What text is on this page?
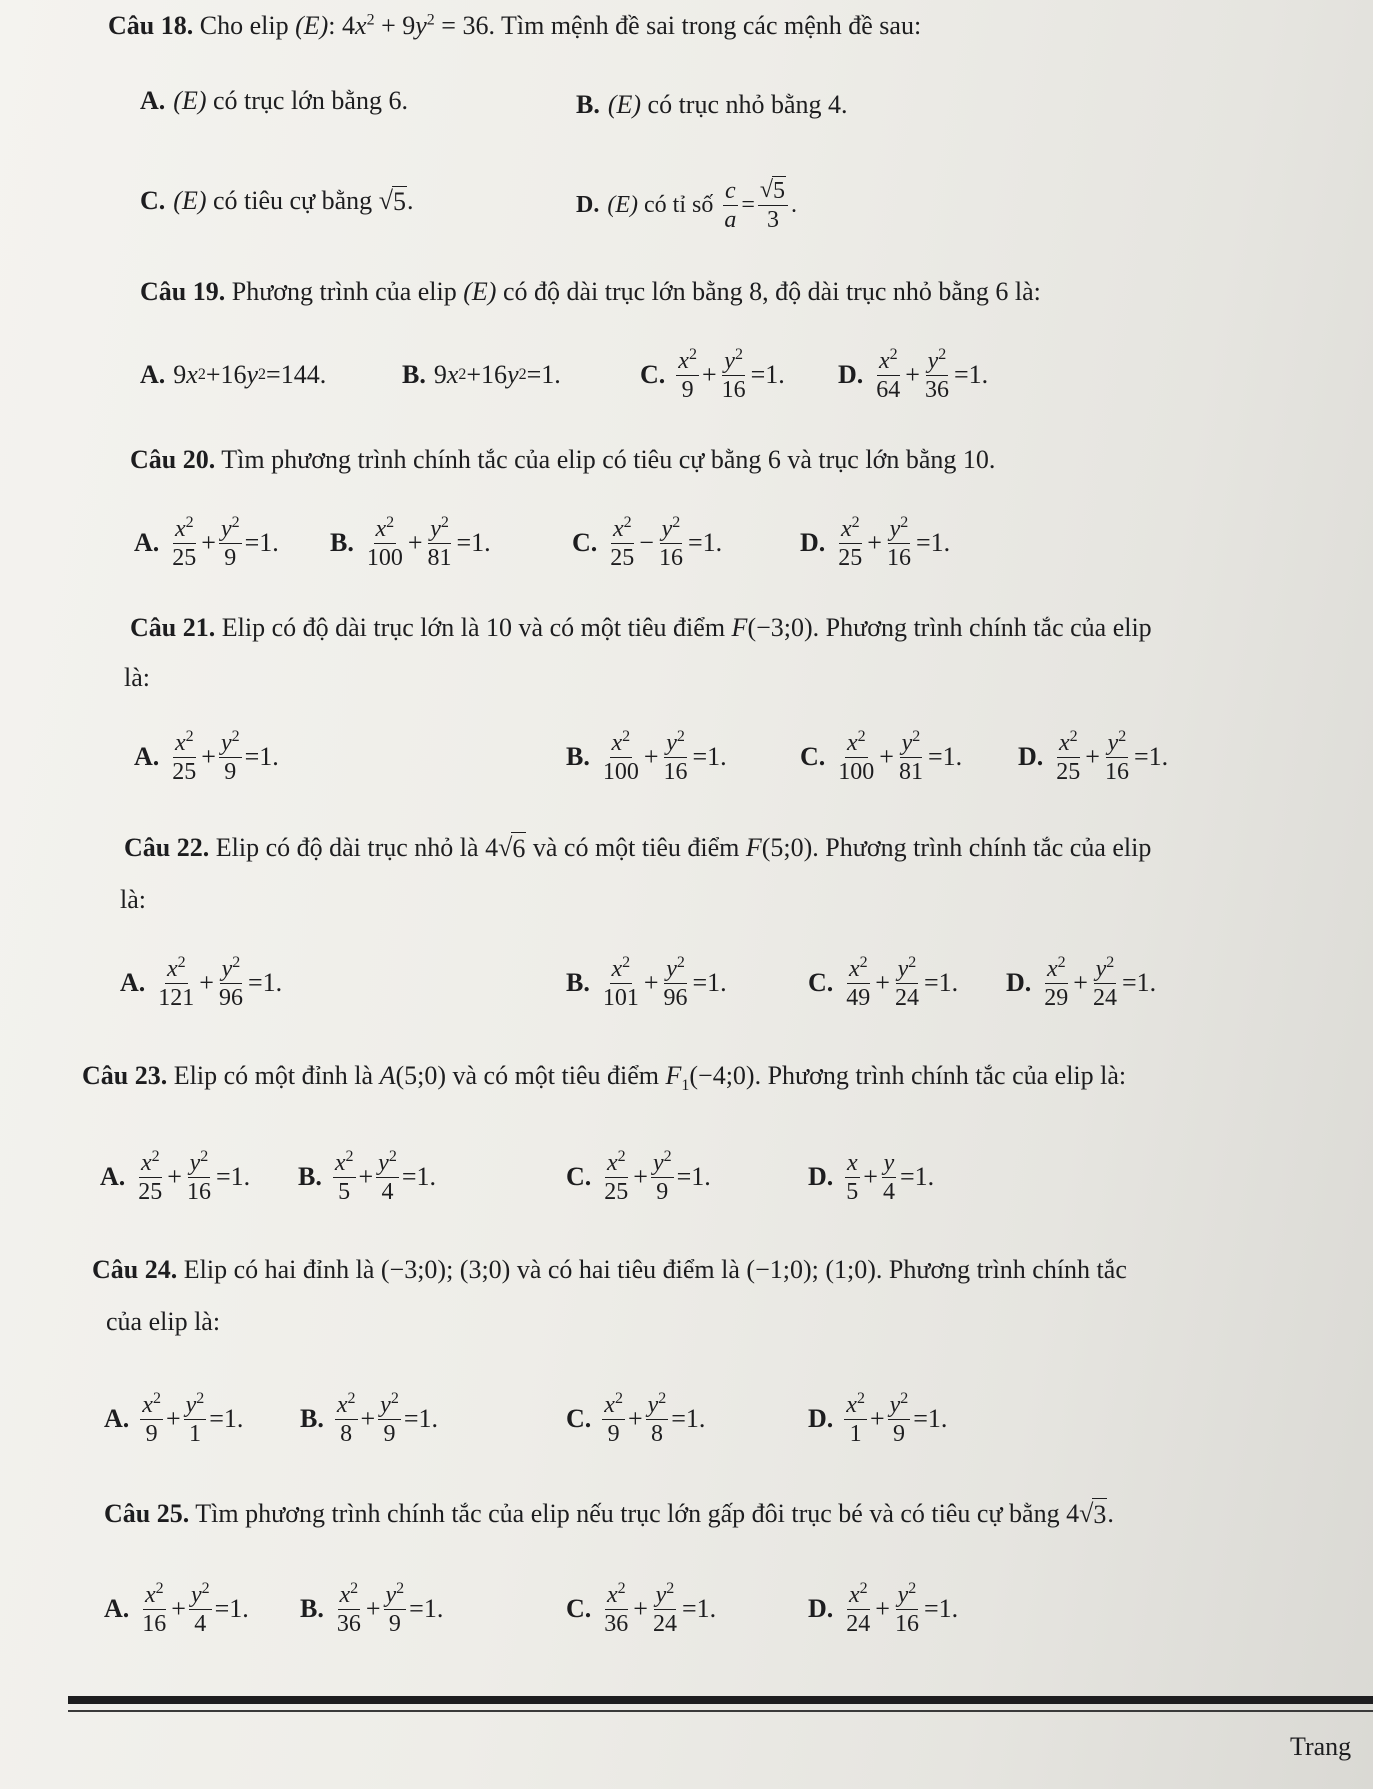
Câu 18. Cho elip (E): $4x^2 + 9y^2 = 36$. Tìm mệnh đề sai trong các mệnh đề sau:
A. (E) có trục lớn bằng 6.	B. (E) có trục nhỏ bằng 4.
C. (E) có tiêu cự bằng √ 5 .	D. (E) có tỉ số $\frac{c}{a} = \frac{√ 5}{3}$ .
Câu 19. Phương trình của elip (E) có độ dài trục lớn bằng 8, độ dài trục nhỏ bằng 6 là:
A. 9 x 2 +16 y 2 =144.	B. 9 x 2 +16 y 2 =1.	C. $\frac{x^2}{9} + \frac{y^2}{16} =1$. D. $\frac{x^2}{64} + \frac{y^2}{36} =1$.
Câu 20. Tìm phương trình chính tắc của elip có tiêu cự bằng 6 và trục lớn bằng 10.
A. $\frac{x^2}{25} + \frac{y^2}{9} =1$. B. $\frac{x^2}{100} + \frac{y^2}{81} =1$.	C. $\frac{x^2}{25} - \frac{y^2}{16} =1$.	D. $\frac{x^2}{25} + \frac{y^2}{16} =1$.
Câu 21. Elip có độ dài trục lớn là 10 và có một tiêu điểm F(−3;0). Phương trình chính tắc của elip
là:
A. $\frac{x^2}{25} + \frac{y^2}{9} =1$.	B. $\frac{x^2}{100} + \frac{y^2}{16} =1$.	C. $\frac{x^2}{100} + \frac{y^2}{81} =1$. D. $\frac{x^2}{25} + \frac{y^2}{16} =1$.
Câu 22. Elip có độ dài trục nhỏ là 4√ 6 và có một tiêu điểm F(5;0). Phương trình chính tắc của elip
là:
A. $\frac{x^2}{121} + \frac{y^2}{96} =1$.	B. $\frac{x^2}{101} + \frac{y^2}{96} =1$.	C. $\frac{x^2}{49} + \frac{y^2}{24} =1$. D. $\frac{x^2}{29} + \frac{y^2}{24} =1$.
Câu 23. Elip có một đỉnh là A(5;0) và có một tiêu điểm $F_1(-4;0)$. Phương trình chính tắc của elip là:
A. $\frac{x^2}{25} + \frac{y^2}{16} =1$. B. $\frac{x^2}{5} + \frac{y^2}{4} =1$.	C. $\frac{x^2}{25} + \frac{y^2}{9} =1$.	D. $\frac{x}{5} + \frac{y}{4} =1$.
Câu 24. Elip có hai đỉnh là (−3;0); (3;0) và có hai tiêu điểm là (−1;0); (1;0). Phương trình chính tắc
của elip là:
A. $\frac{x^2}{9} + \frac{y^2}{1} =1$. B. $\frac{x^2}{8} + \frac{y^2}{9} =1$.	C. $\frac{x^2}{9} + \frac{y^2}{8} =1$.	D. $\frac{x^2}{1} + \frac{y^2}{9} =1$.
Câu 25. Tìm phương trình chính tắc của elip nếu trục lớn gấp đôi trục bé và có tiêu cự bằng 4√ 3 .
A. $\frac{x^2}{16} + \frac{y^2}{4} =1$. B. $\frac{x^2}{36} + \frac{y^2}{9} =1$.	C. $\frac{x^2}{36} + \frac{y^2}{24} =1$.	D. $\frac{x^2}{24} + \frac{y^2}{16} =1$.
Trang
